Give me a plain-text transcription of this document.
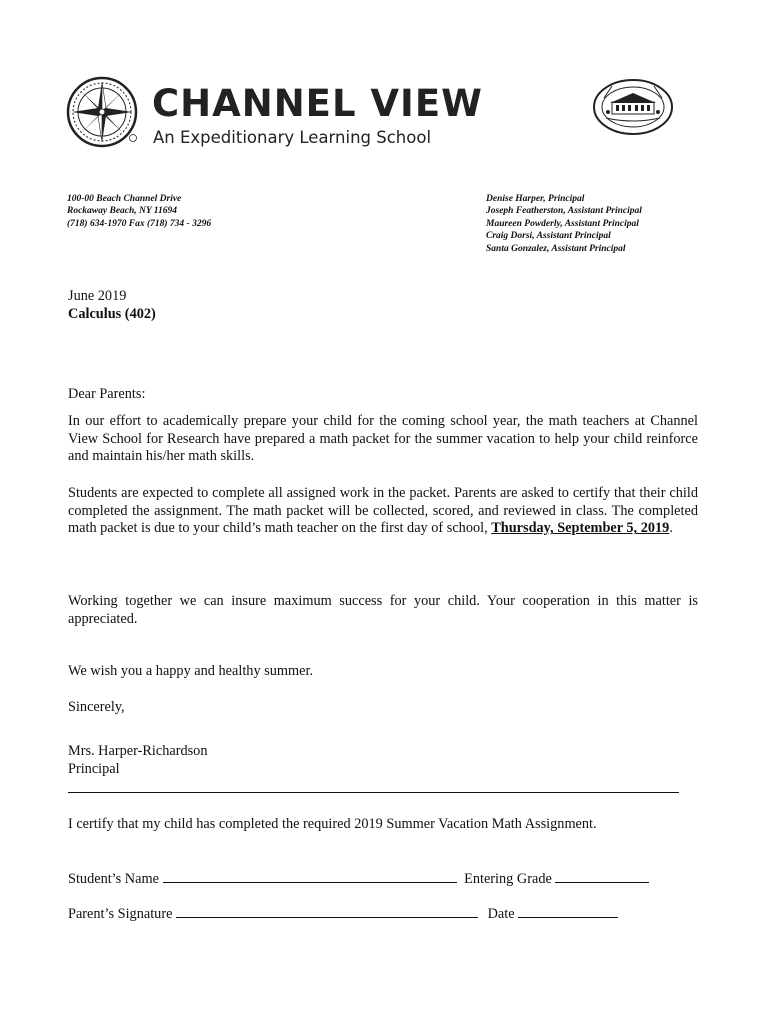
CHANNEL VIEW
An Expeditionary Learning School
100-00 Beach Channel Drive
Rockaway Beach, NY 11694
(718) 634-1970 Fax (718) 734 - 3296
Denise Harper, Principal
Joseph Featherston, Assistant Principal
Maureen Powderly, Assistant Principal
Craig Dorsi, Assistant Principal
Santa Gonzalez, Assistant Principal
June 2019
Calculus (402)
Dear Parents:
In our effort to academically prepare your child for the coming school year, the math teachers at Channel View School for Research have prepared a math packet for the summer vacation to help your child reinforce and maintain his/her math skills.
Students are expected to complete all assigned work in the packet. Parents are asked to certify that their child completed the assignment. The math packet will be collected, scored, and reviewed in class. The completed math packet is due to your child’s math teacher on the first day of school, Thursday, September 5, 2019.
Working together we can insure maximum success for your child. Your cooperation in this matter is appreciated.
We wish you a happy and healthy summer.
Sincerely,
Mrs. Harper-Richardson
Principal
I certify that my child has completed the required 2019 Summer Vacation Math Assignment.
Student’s Name	Entering Grade
Parent’s Signature	Date
